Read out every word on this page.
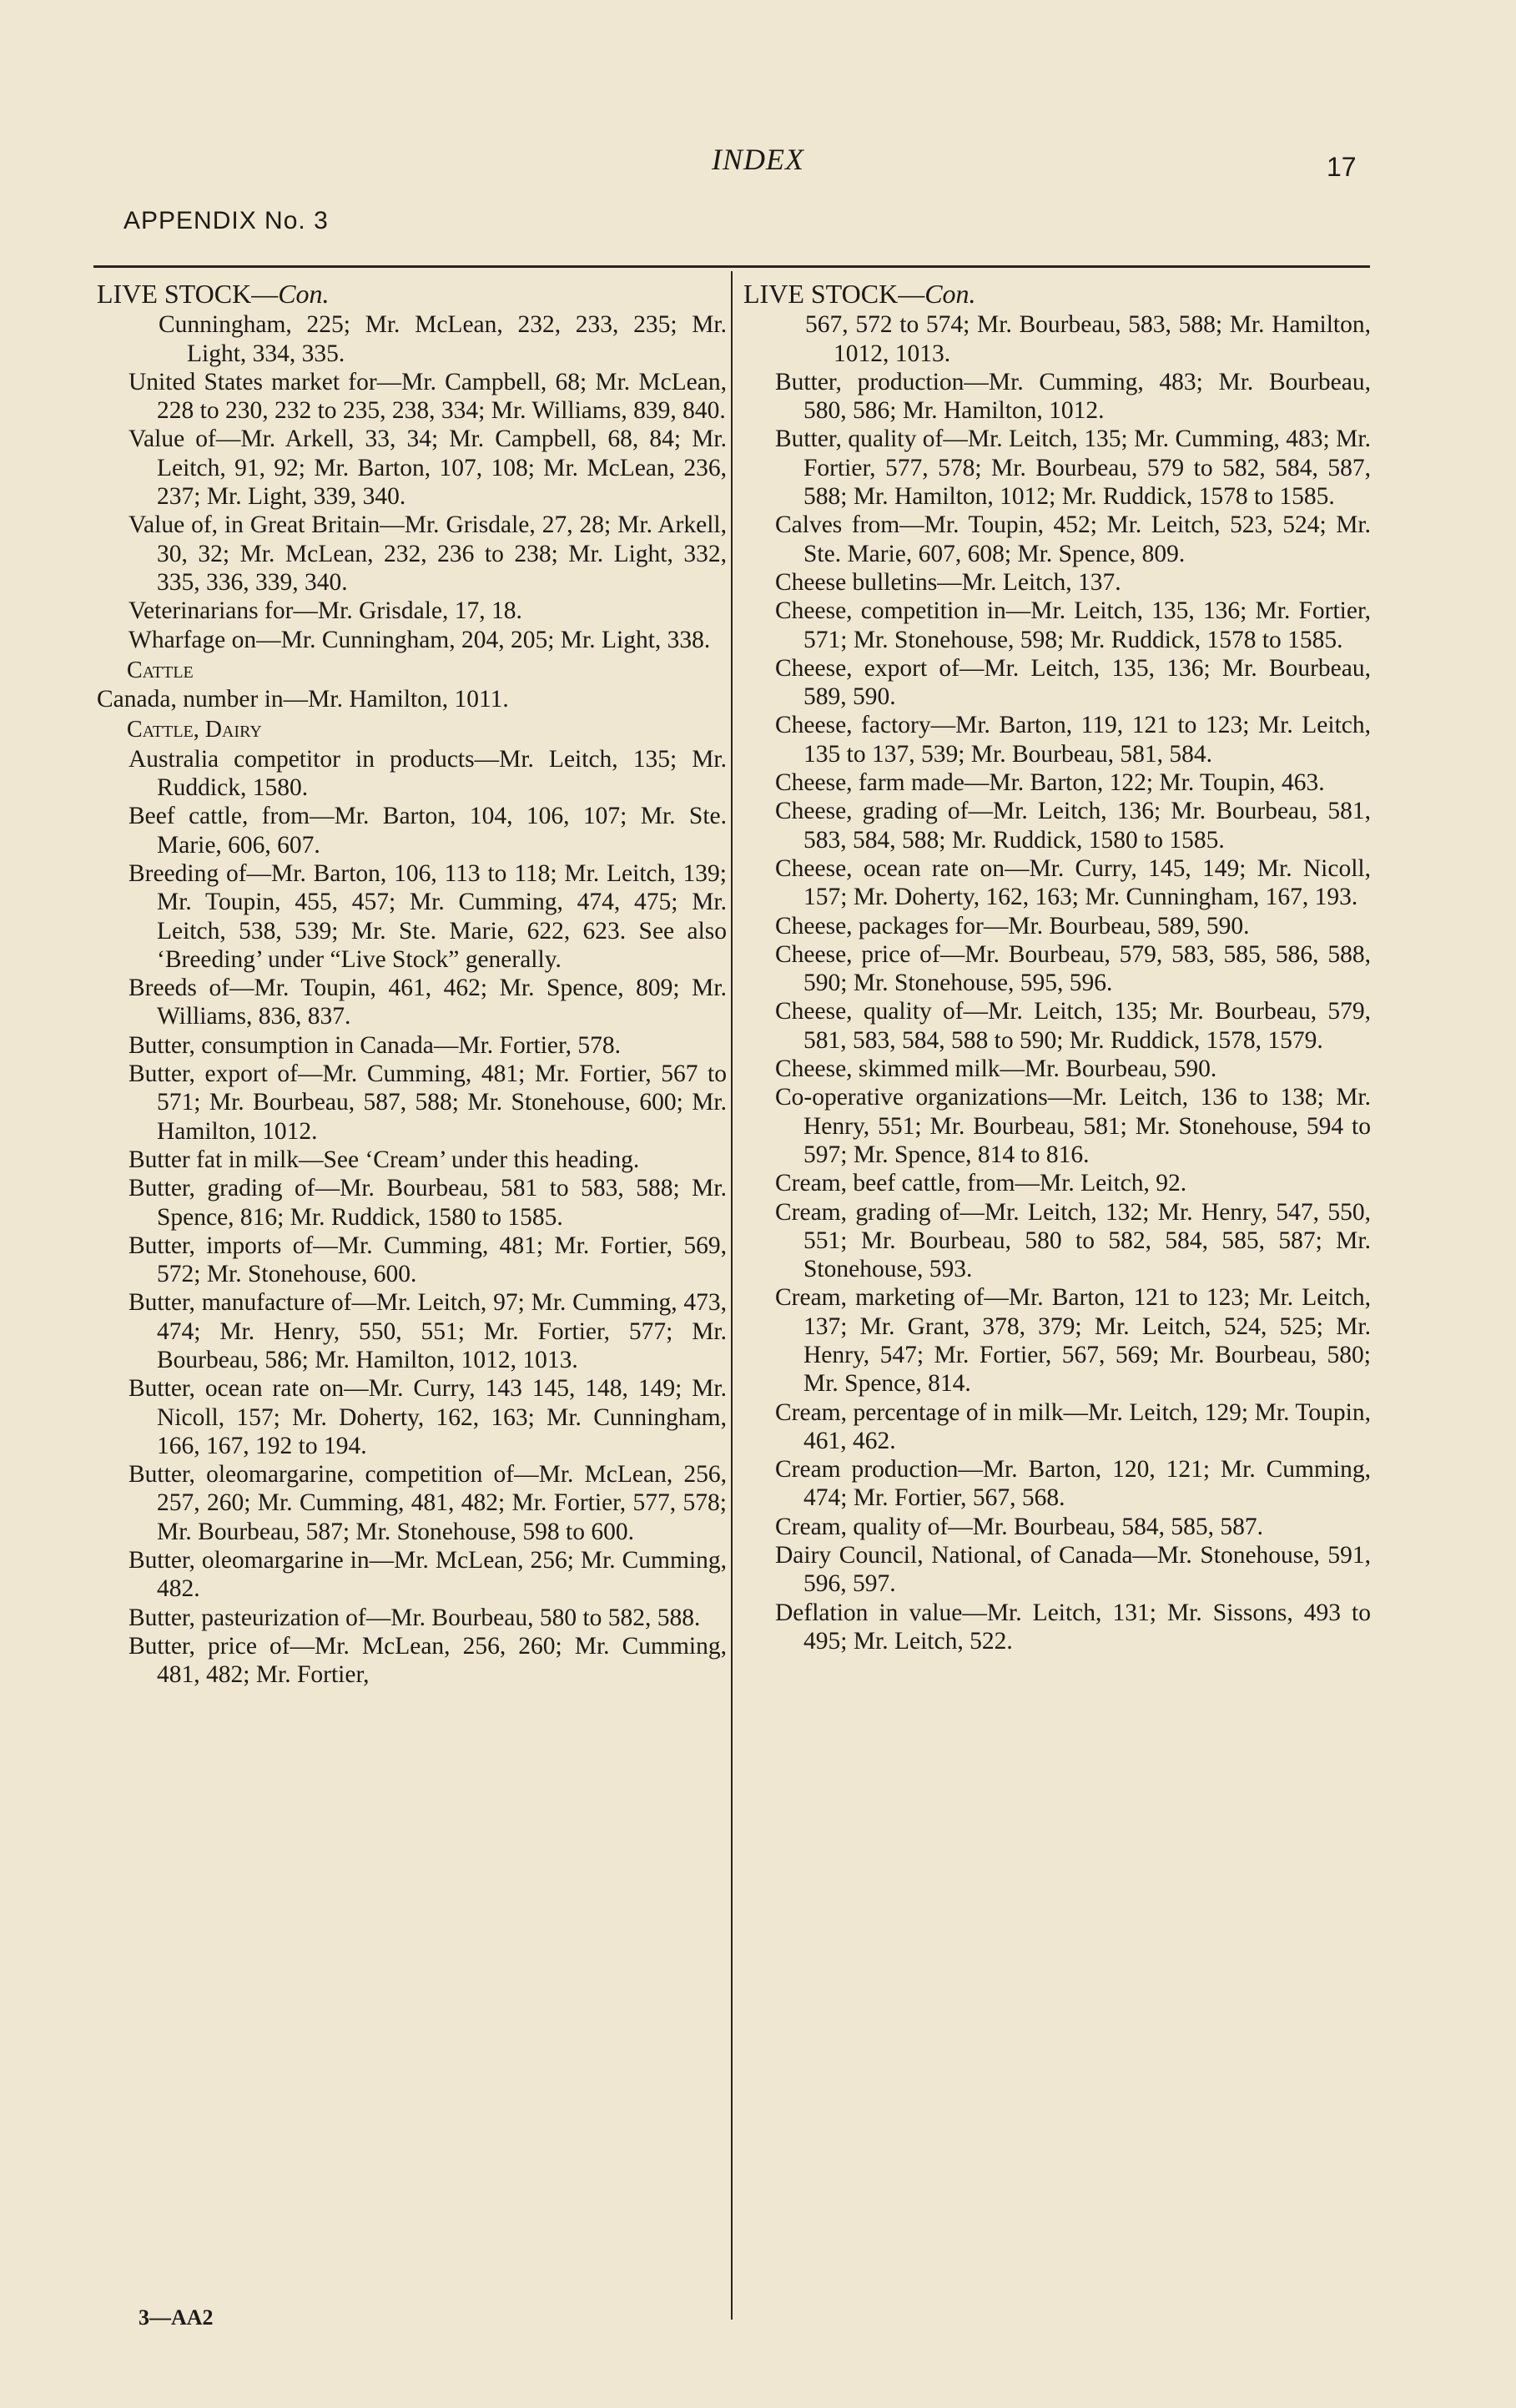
INDEX	17
APPENDIX No. 3
LIVE STOCK—Con.
Cunningham, 225; Mr. McLean, 232, 233, 235; Mr. Light, 334, 335.
United States market for—Mr. Campbell, 68; Mr. McLean, 228 to 230, 232 to 235, 238, 334; Mr. Williams, 839, 840.
Value of—Mr. Arkell, 33, 34; Mr. Campbell, 68, 84; Mr. Leitch, 91, 92; Mr. Barton, 107, 108; Mr. McLean, 236, 237; Mr. Light, 339, 340.
Value of, in Great Britain—Mr. Grisdale, 27, 28; Mr. Arkell, 30, 32; Mr. McLean, 232, 236 to 238; Mr. Light, 332, 335, 336, 339, 340.
Veterinarians for—Mr. Grisdale, 17, 18.
Wharfage on—Mr. Cunningham, 204, 205; Mr. Light, 338.
Cattle
Canada, number in—Mr. Hamilton, 1011.
Cattle, Dairy
Australia competitor in products—Mr. Leitch, 135; Mr. Ruddick, 1580.
Beef cattle, from—Mr. Barton, 104, 106, 107; Mr. Ste. Marie, 606, 607.
Breeding of—Mr. Barton, 106, 113 to 118; Mr. Leitch, 139; Mr. Toupin, 455, 457; Mr. Cumming, 474, 475; Mr. Leitch, 538, 539; Mr. Ste. Marie, 622, 623. See also ‘Breeding’ under “Live Stock” generally.
Breeds of—Mr. Toupin, 461, 462; Mr. Spence, 809; Mr. Williams, 836, 837.
Butter, consumption in Canada—Mr. Fortier, 578.
Butter, export of—Mr. Cumming, 481; Mr. Fortier, 567 to 571; Mr. Bourbeau, 587, 588; Mr. Stonehouse, 600; Mr. Hamilton, 1012.
Butter fat in milk—See ‘Cream’ under this heading.
Butter, grading of—Mr. Bourbeau, 581 to 583, 588; Mr. Spence, 816; Mr. Ruddick, 1580 to 1585.
Butter, imports of—Mr. Cumming, 481; Mr. Fortier, 569, 572; Mr. Stonehouse, 600.
Butter, manufacture of—Mr. Leitch, 97; Mr. Cumming, 473, 474; Mr. Henry, 550, 551; Mr. Fortier, 577; Mr. Bourbeau, 586; Mr. Hamilton, 1012, 1013.
Butter, ocean rate on—Mr. Curry, 143 145, 148, 149; Mr. Nicoll, 157; Mr. Doherty, 162, 163; Mr. Cunningham, 166, 167, 192 to 194.
Butter, oleomargarine, competition of—Mr. McLean, 256, 257, 260; Mr. Cumming, 481, 482; Mr. Fortier, 577, 578; Mr. Bourbeau, 587; Mr. Stonehouse, 598 to 600.
Butter, oleomargarine in—Mr. McLean, 256; Mr. Cumming, 482.
Butter, pasteurization of—Mr. Bourbeau, 580 to 582, 588.
Butter, price of—Mr. McLean, 256, 260; Mr. Cumming, 481, 482; Mr. Fortier,
LIVE STOCK—Con.
567, 572 to 574; Mr. Bourbeau, 583, 588; Mr. Hamilton, 1012, 1013.
Butter, production—Mr. Cumming, 483; Mr. Bourbeau, 580, 586; Mr. Hamilton, 1012.
Butter, quality of—Mr. Leitch, 135; Mr. Cumming, 483; Mr. Fortier, 577, 578; Mr. Bourbeau, 579 to 582, 584, 587, 588; Mr. Hamilton, 1012; Mr. Ruddick, 1578 to 1585.
Calves from—Mr. Toupin, 452; Mr. Leitch, 523, 524; Mr. Ste. Marie, 607, 608; Mr. Spence, 809.
Cheese bulletins—Mr. Leitch, 137.
Cheese, competition in—Mr. Leitch, 135, 136; Mr. Fortier, 571; Mr. Stonehouse, 598; Mr. Ruddick, 1578 to 1585.
Cheese, export of—Mr. Leitch, 135, 136; Mr. Bourbeau, 589, 590.
Cheese, factory—Mr. Barton, 119, 121 to 123; Mr. Leitch, 135 to 137, 539; Mr. Bourbeau, 581, 584.
Cheese, farm made—Mr. Barton, 122; Mr. Toupin, 463.
Cheese, grading of—Mr. Leitch, 136; Mr. Bourbeau, 581, 583, 584, 588; Mr. Ruddick, 1580 to 1585.
Cheese, ocean rate on—Mr. Curry, 145, 149; Mr. Nicoll, 157; Mr. Doherty, 162, 163; Mr. Cunningham, 167, 193.
Cheese, packages for—Mr. Bourbeau, 589, 590.
Cheese, price of—Mr. Bourbeau, 579, 583, 585, 586, 588, 590; Mr. Stonehouse, 595, 596.
Cheese, quality of—Mr. Leitch, 135; Mr. Bourbeau, 579, 581, 583, 584, 588 to 590; Mr. Ruddick, 1578, 1579.
Cheese, skimmed milk—Mr. Bourbeau, 590.
Co-operative organizations—Mr. Leitch, 136 to 138; Mr. Henry, 551; Mr. Bourbeau, 581; Mr. Stonehouse, 594 to 597; Mr. Spence, 814 to 816.
Cream, beef cattle, from—Mr. Leitch, 92.
Cream, grading of—Mr. Leitch, 132; Mr. Henry, 547, 550, 551; Mr. Bourbeau, 580 to 582, 584, 585, 587; Mr. Stonehouse, 593.
Cream, marketing of—Mr. Barton, 121 to 123; Mr. Leitch, 137; Mr. Grant, 378, 379; Mr. Leitch, 524, 525; Mr. Henry, 547; Mr. Fortier, 567, 569; Mr. Bourbeau, 580; Mr. Spence, 814.
Cream, percentage of in milk—Mr. Leitch, 129; Mr. Toupin, 461, 462.
Cream production—Mr. Barton, 120, 121; Mr. Cumming, 474; Mr. Fortier, 567, 568.
Cream, quality of—Mr. Bourbeau, 584, 585, 587.
Dairy Council, National, of Canada—Mr. Stonehouse, 591, 596, 597.
Deflation in value—Mr. Leitch, 131; Mr. Sissons, 493 to 495; Mr. Leitch, 522.
3—AA2
